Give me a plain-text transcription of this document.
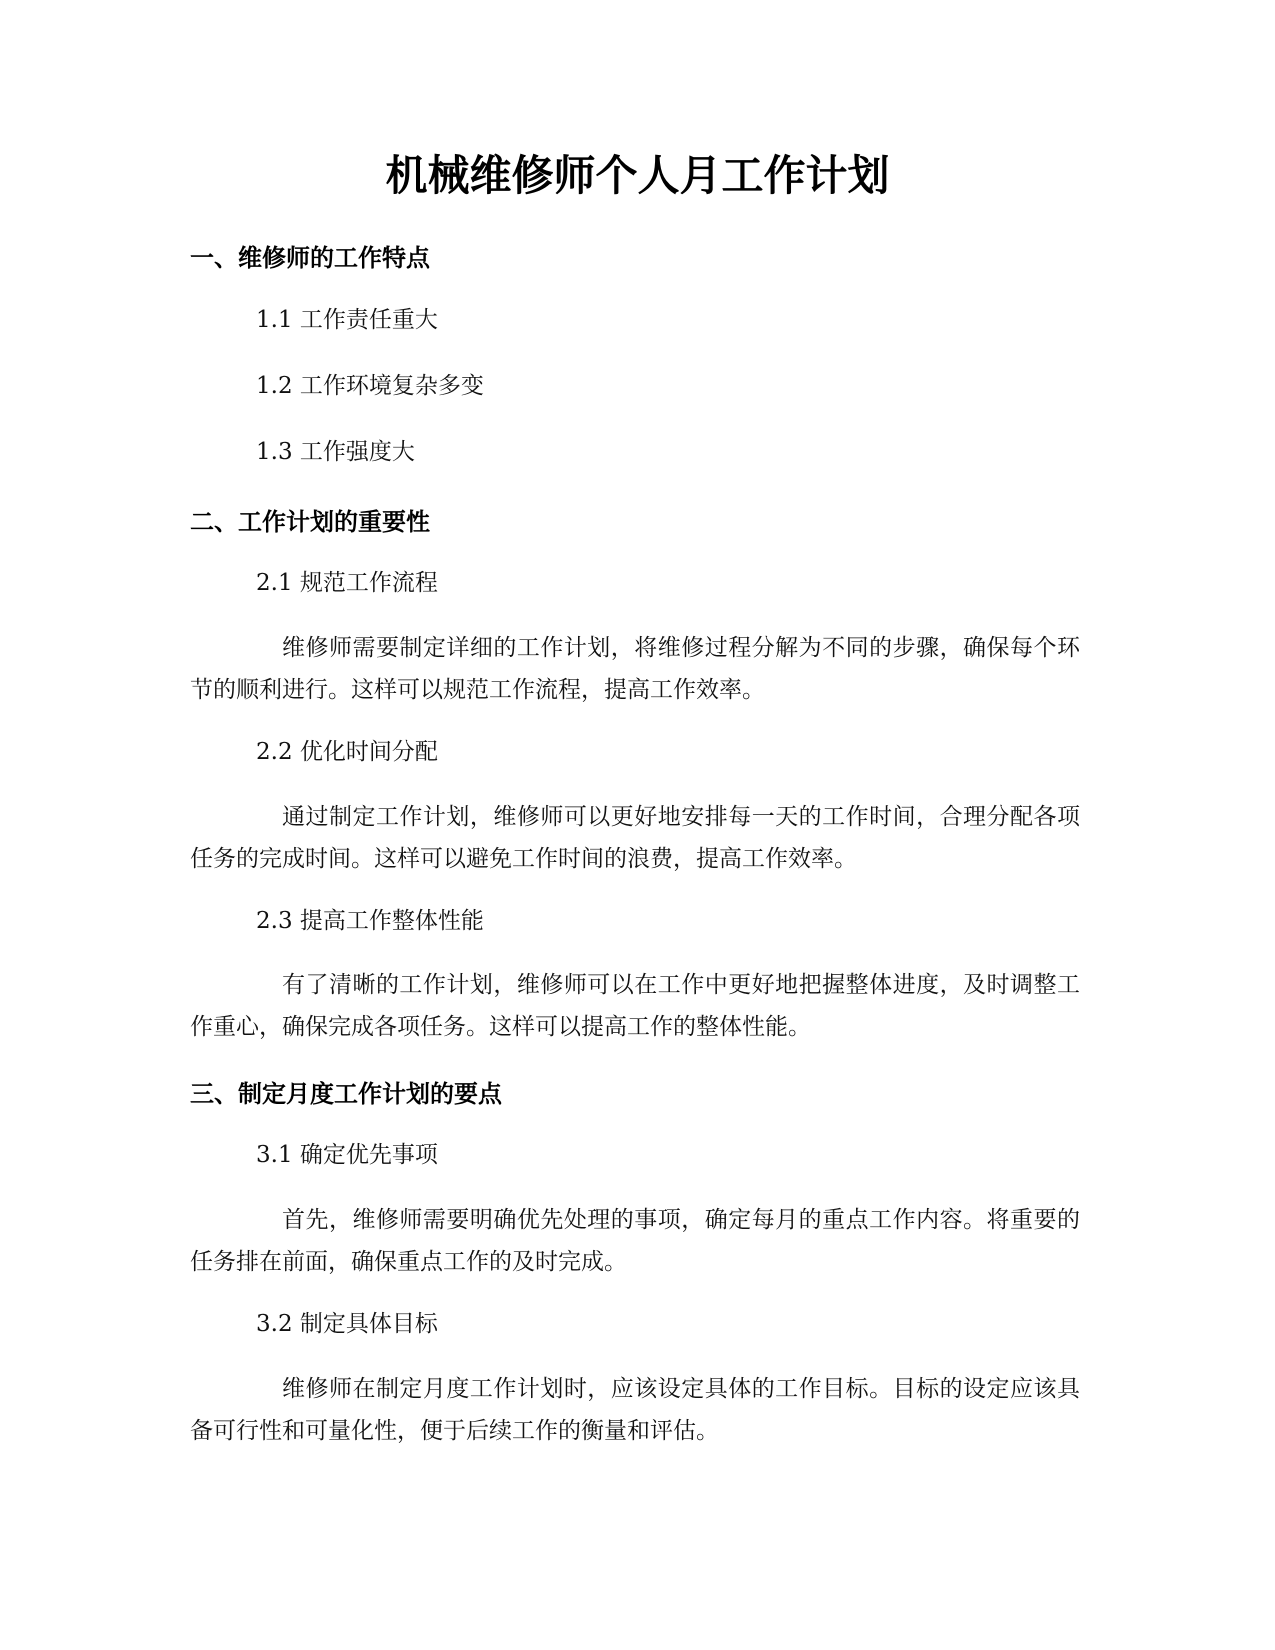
机械维修师个人月工作计划
一、维修师的工作特点

1.1 工作责任重大

1.2 工作环境复杂多变

1.3 工作强度大

二、工作计划的重要性

2.1 规范工作流程

维修师需要制定详细的工作计划，将维修过程分解为不同的步骤，确保每个环节的顺利进行。这样可以规范工作流程，提高工作效率。

2.2 优化时间分配

通过制定工作计划，维修师可以更好地安排每一天的工作时间，合理分配各项任务的完成时间。这样可以避免工作时间的浪费，提高工作效率。

2.3 提高工作整体性能

有了清晰的工作计划，维修师可以在工作中更好地把握整体进度，及时调整工作重心，确保完成各项任务。这样可以提高工作的整体性能。

三、制定月度工作计划的要点

3.1 确定优先事项

首先，维修师需要明确优先处理的事项，确定每月的重点工作内容。将重要的任务排在前面，确保重点工作的及时完成。

3.2 制定具体目标

维修师在制定月度工作计划时，应该设定具体的工作目标。目标的设定应该具备可行性和可量化性，便于后续工作的衡量和评估。
